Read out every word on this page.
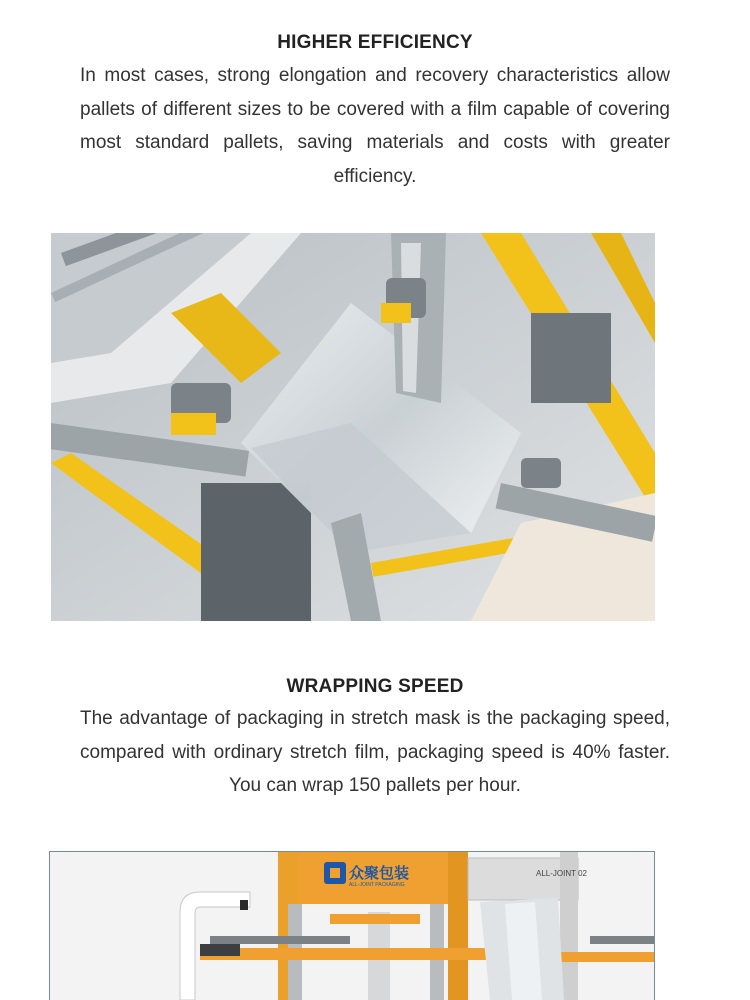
HIGHER EFFICIENCY
In most cases, strong elongation and recovery characteristics allow pallets of different sizes to be covered with a film capable of covering most standard pallets, saving materials and costs with greater efficiency.
WRAPPING SPEED
The advantage of packaging in stretch mask is the packaging speed, compared with ordinary stretch film, packaging speed is 40% faster. You can wrap 150 pallets per hour.
众聚包装
ALL-JOINT PACKAGING
ALL-JOINT 02
